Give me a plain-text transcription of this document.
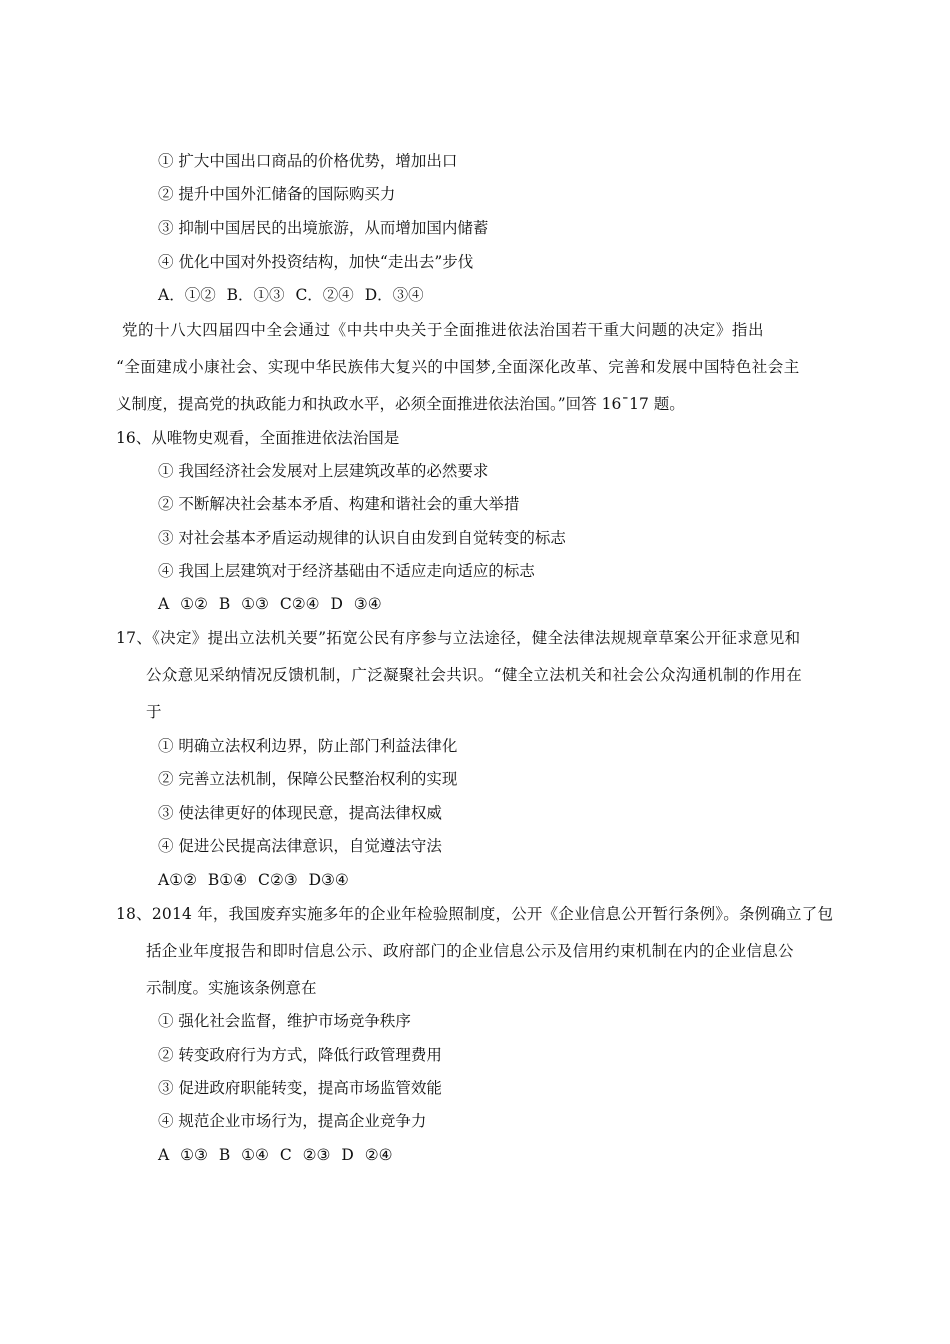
① 扩大中国出口商品的价格优势，增加出口
② 提升中国外汇储备的国际购买力
③ 抑制中国居民的出境旅游，从而增加国内储蓄
④ 优化中国对外投资结构，加快“走出去”步伐
A．①② B．①③ C．②④ D．③④
党的十八大四届四中全会通过《中共中央关于全面推进依法治国若干重大问题的决定》指出
“全面建成小康社会、实现中华民族伟大复兴的中国梦,全面深化改革、完善和发展中国特色社会主
义制度，提高党的执政能力和执政水平，必须全面推进依法治国。”回答 16¯17 题。
16、从唯物史观看，全面推进依法治国是
① 我国经济社会发展对上层建筑改革的必然要求
② 不断解决社会基本矛盾、构建和谐社会的重大举措
③ 对社会基本矛盾运动规律的认识自由发到自觉转变的标志
④ 我国上层建筑对于经济基础由不适应走向适应的标志
A ①② B ①③ C②④ D ③④
17、《决定》提出立法机关要”拓宽公民有序参与立法途径，健全法律法规规章草案公开征求意见和
公众意见采纳情况反馈机制，广泛凝聚社会共识。“健全立法机关和社会公众沟通机制的作用在
于
① 明确立法权利边界，防止部门利益法律化
② 完善立法机制，保障公民整治权利的实现
③ 使法律更好的体现民意，提高法律权威
④ 促进公民提高法律意识，自觉遵法守法
A①② B①④ C②③ D③④
18、2014 年，我国废弃实施多年的企业年检验照制度，公开《企业信息公开暂行条例》。条例确立了包
括企业年度报告和即时信息公示、政府部门的企业信息公示及信用约束机制在内的企业信息公
示制度。实施该条例意在
① 强化社会监督，维护市场竞争秩序
② 转变政府行为方式，降低行政管理费用
③ 促进政府职能转变，提高市场监管效能
④ 规范企业市场行为，提高企业竞争力
A ①③ B ①④ C ②③ D ②④
